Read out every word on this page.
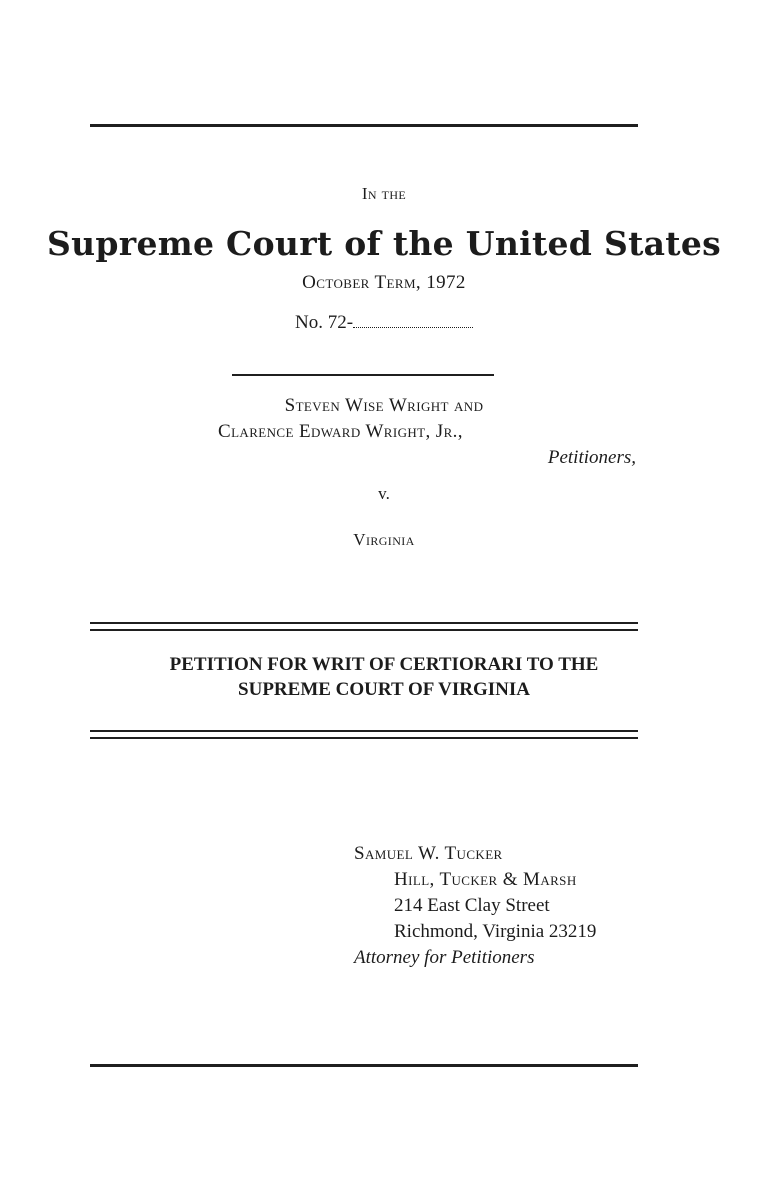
In the
Supreme Court of the United States
October Term, 1972
No. 72-
Steven Wise Wright and
Clarence Edward Wright, Jr.,
Petitioners,
v.
Virginia
PETITION FOR WRIT OF CERTIORARI TO THE
SUPREME COURT OF VIRGINIA
Samuel W. Tucker
Hill, Tucker & Marsh
214 East Clay Street
Richmond, Virginia 23219
Attorney for Petitioners
